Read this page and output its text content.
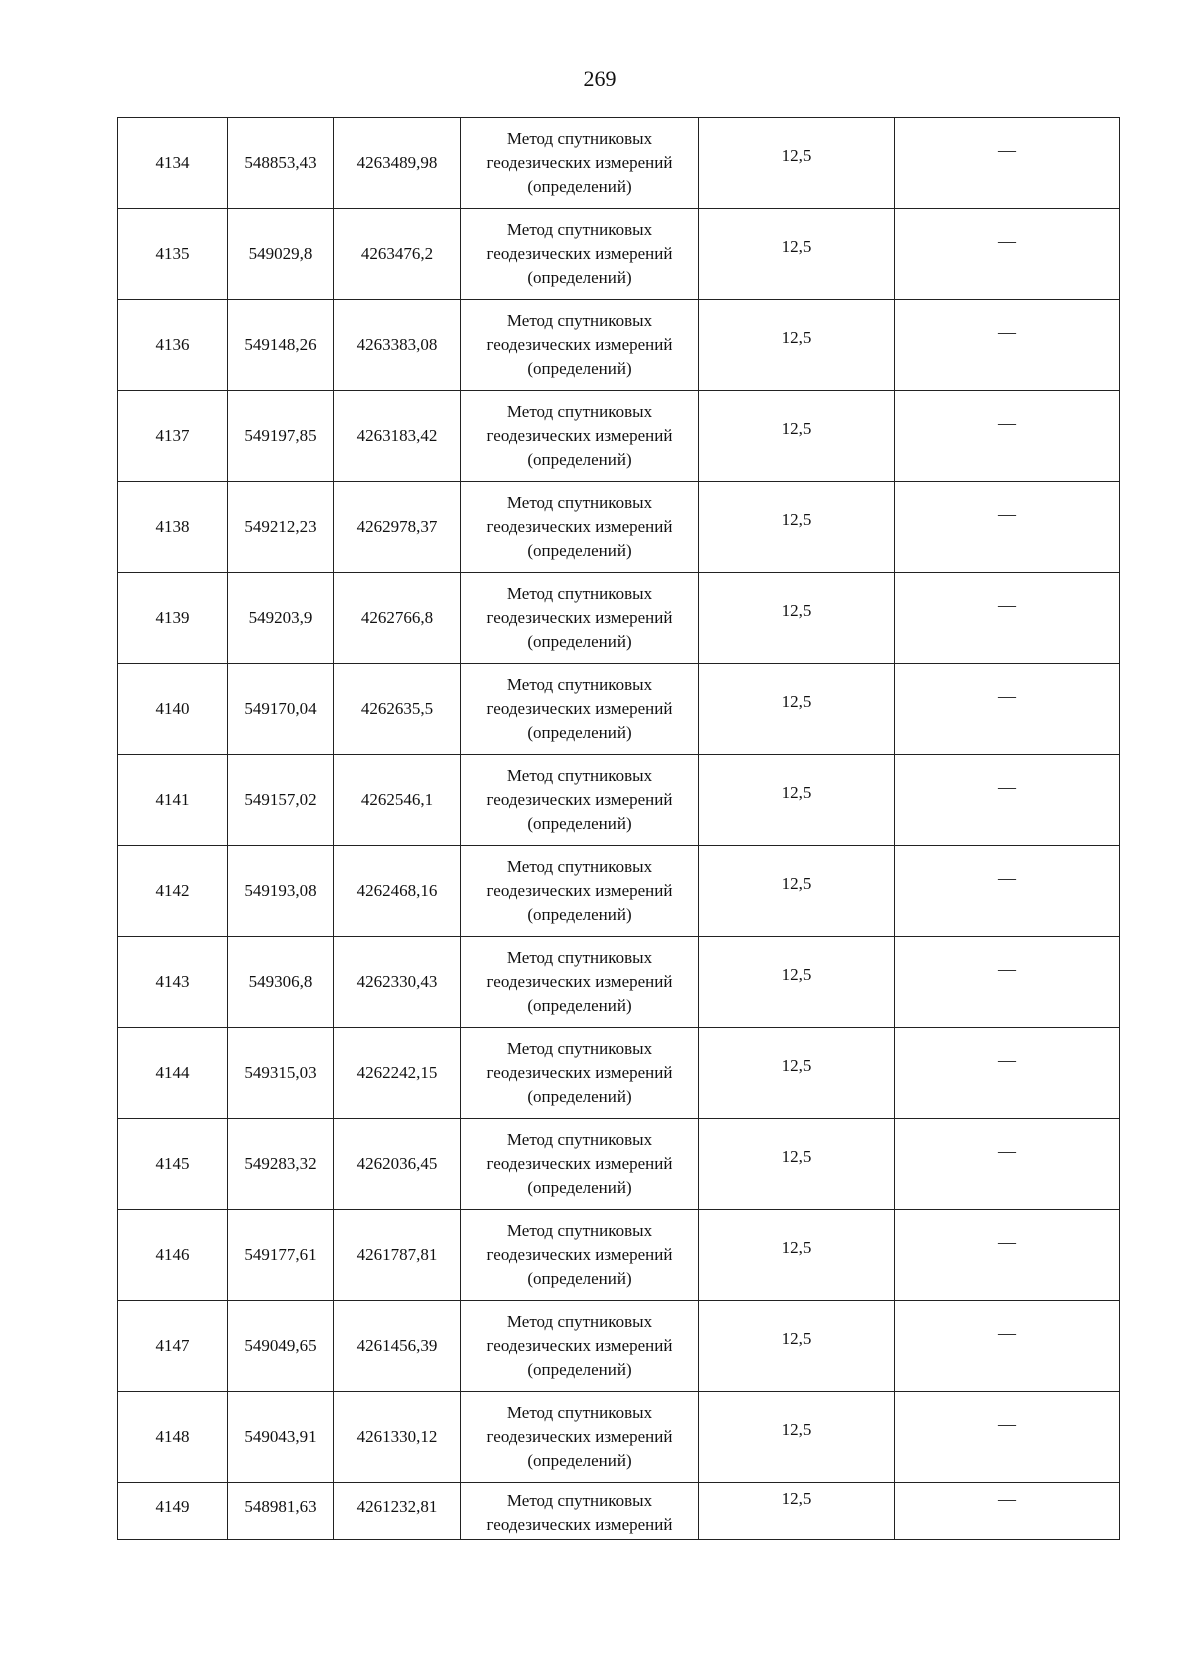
269
4134	548853,43	4263489,98	Метод спутниковых
геодезических измерений
(определений)	12,5	—
4135	549029,8	4263476,2	Метод спутниковых
геодезических измерений
(определений)	12,5	—
4136	549148,26	4263383,08	Метод спутниковых
геодезических измерений
(определений)	12,5	—
4137	549197,85	4263183,42	Метод спутниковых
геодезических измерений
(определений)	12,5	—
4138	549212,23	4262978,37	Метод спутниковых
геодезических измерений
(определений)	12,5	—
4139	549203,9	4262766,8	Метод спутниковых
геодезических измерений
(определений)	12,5	—
4140	549170,04	4262635,5	Метод спутниковых
геодезических измерений
(определений)	12,5	—
4141	549157,02	4262546,1	Метод спутниковых
геодезических измерений
(определений)	12,5	—
4142	549193,08	4262468,16	Метод спутниковых
геодезических измерений
(определений)	12,5	—
4143	549306,8	4262330,43	Метод спутниковых
геодезических измерений
(определений)	12,5	—
4144	549315,03	4262242,15	Метод спутниковых
геодезических измерений
(определений)	12,5	—
4145	549283,32	4262036,45	Метод спутниковых
геодезических измерений
(определений)	12,5	—
4146	549177,61	4261787,81	Метод спутниковых
геодезических измерений
(определений)	12,5	—
4147	549049,65	4261456,39	Метод спутниковых
геодезических измерений
(определений)	12,5	—
4148	549043,91	4261330,12	Метод спутниковых
геодезических измерений
(определений)	12,5	—
4149	548981,63	4261232,81	Метод спутниковых
геодезических измерений	12,5	—
